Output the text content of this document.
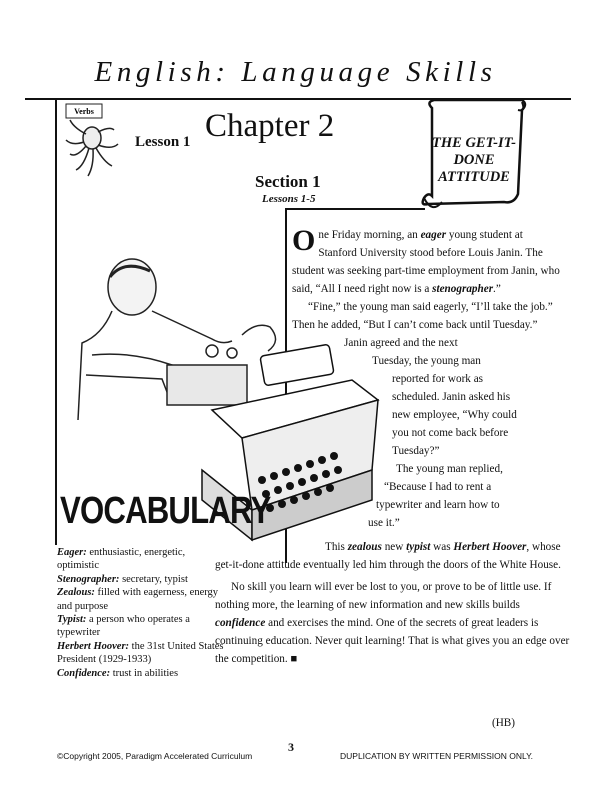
English: Language Skills
Verbs
Lesson 1 Chapter 2
Section 1
Lessons 1-5
THE GET-IT-
DONE
ATTITUDE

One Friday morning, an eager young student at Stanford University stood before Louis Janin. The student was seeking part-time employment from Janin, who said, “All I need right now is a stenographer.”

“Fine,” the young man said eagerly, “I’ll take the job.” Then he added, “But I can’t come back until Tuesday.”

Janin agreed and the next
Tuesday, the young man
reported for work as
scheduled. Janin asked his
new employee, “Why could
you not come back before
Tuesday?”
The young man replied,
“Because I had to rent a
typewriter and learn how to
use it.”

This zealous new typist was Herbert Hoover, whose get-it-done attitude eventually led him through the doors of the White House.

No skill you learn will ever be lost to you, or prove to be of little use. If nothing more, the learning of new information and new skills builds confidence and exercises the mind. One of the secrets of great leaders is continuing education. Never quit learning! That is what gives you an edge over the competition. ■

(HB)
VOCABULARY
Eager: enthusiastic, energetic, optimistic
Stenographer: secretary, typist
Zealous: filled with eagerness, energy and purpose
Typist: a person who operates a typewriter
Herbert Hoover: the 31st United States President (1929-1933)
Confidence: trust in abilities
3
©Copyright 2005, Paradigm Accelerated Curriculum	DUPLICATION BY WRITTEN PERMISSION ONLY.
